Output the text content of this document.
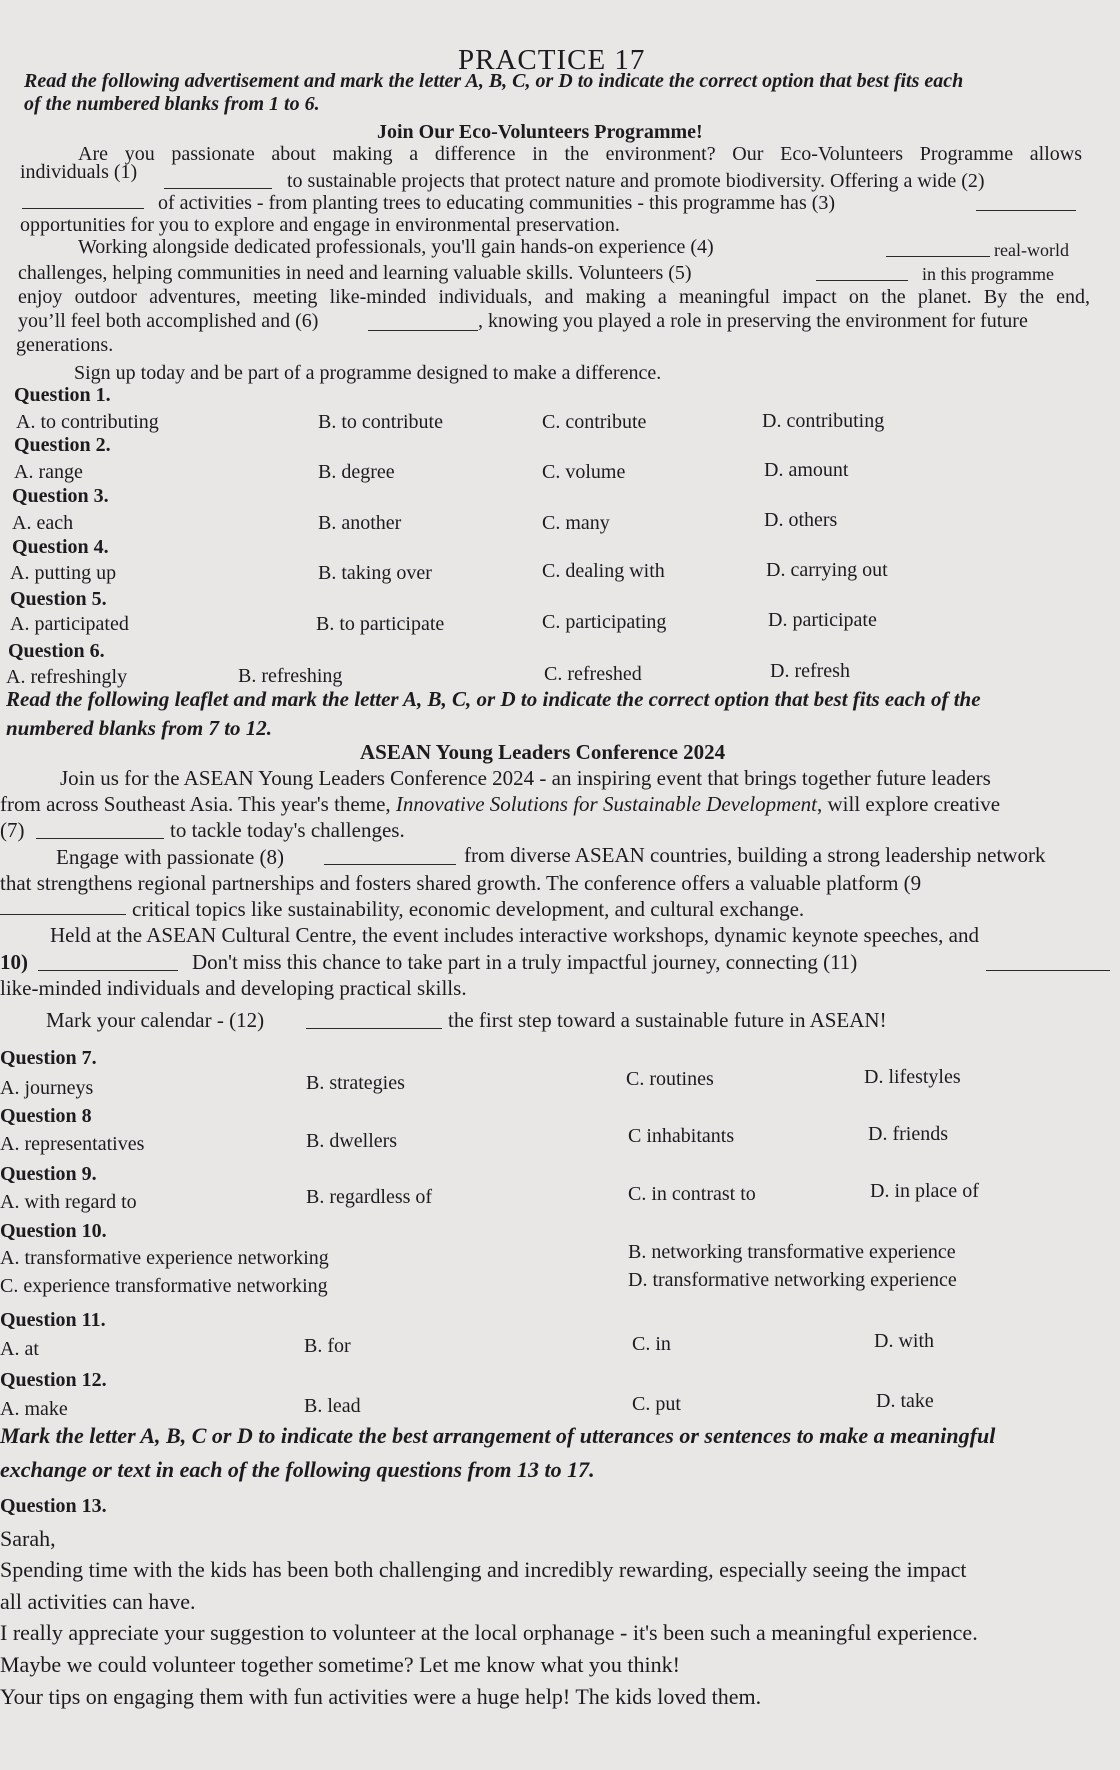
PRACTICE 17
Read the following advertisement and mark the letter A, B, C, or D to indicate the correct option that best fits each
of the numbered blanks from 1 to 6.
Join Our Eco-Volunteers Programme!
Are you passionate about making a difference in the environment? Our Eco-Volunteers Programme allows
individuals (1)	to sustainable projects that protect nature and promote biodiversity. Offering a wide (2)
of activities - from planting trees to educating communities - this programme has (3)
opportunities for you to explore and engage in environmental preservation.
Working alongside dedicated professionals, you'll gain hands-on experience (4)	real-world
challenges, helping communities in need and learning valuable skills. Volunteers (5)	in this programme
enjoy outdoor adventures, meeting like-minded individuals, and making a meaningful impact on the planet. By the end,
you’ll feel both accomplished and (6)	, knowing you played a role in preserving the environment for future
generations.
Sign up today and be part of a programme designed to make a difference.
Question 1.
A. to contributing	B. to contribute	C. contribute	D. contributing
Question 2.
A. range	B. degree	C. volume	D. amount
Question 3.
A. each	B. another	C. many	D. others
Question 4.
A. putting up	B. taking over	C. dealing with	D. carrying out
Question 5.
A. participated	B. to participate	C. participating	D. participate
Question 6.
A. refreshingly	B. refreshing	C. refreshed	D. refresh
Read the following leaflet and mark the letter A, B, C, or D to indicate the correct option that best fits each of the
numbered blanks from 7 to 12.
ASEAN Young Leaders Conference 2024
Join us for the ASEAN Young Leaders Conference 2024 - an inspiring event that brings together future leaders
from across Southeast Asia. This year's theme, Innovative Solutions for Sustainable Development, will explore creative
(7)	to tackle today's challenges.
Engage with passionate (8)	from diverse ASEAN countries, building a strong leadership network
that strengthens regional partnerships and fosters shared growth. The conference offers a valuable platform (9
critical topics like sustainability, economic development, and cultural exchange.
Held at the ASEAN Cultural Centre, the event includes interactive workshops, dynamic keynote speeches, and
10)	Don't miss this chance to take part in a truly impactful journey, connecting (11)
like-minded individuals and developing practical skills.
Mark your calendar - (12)	the first step toward a sustainable future in ASEAN!
Question 7.
A. journeys	B. strategies	C. routines	D. lifestyles
Question 8
A. representatives	B. dwellers	C inhabitants	D. friends
Question 9.
A. with regard to	B. regardless of	C. in contrast to	D. in place of
Question 10.
A. transformative experience networking	B. networking transformative experience
C. experience transformative networking	D. transformative networking experience
Question 11.
A. at	B. for	C. in	D. with
Question 12.
A. make	B. lead	C. put	D. take
Mark the letter A, B, C or D to indicate the best arrangement of utterances or sentences to make a meaningful
exchange or text in each of the following questions from 13 to 17.
Question 13.
Sarah,
Spending time with the kids has been both challenging and incredibly rewarding, especially seeing the impact
all activities can have.
I really appreciate your suggestion to volunteer at the local orphanage - it's been such a meaningful experience.
Maybe we could volunteer together sometime? Let me know what you think!
Your tips on engaging them with fun activities were a huge help! The kids loved them.
